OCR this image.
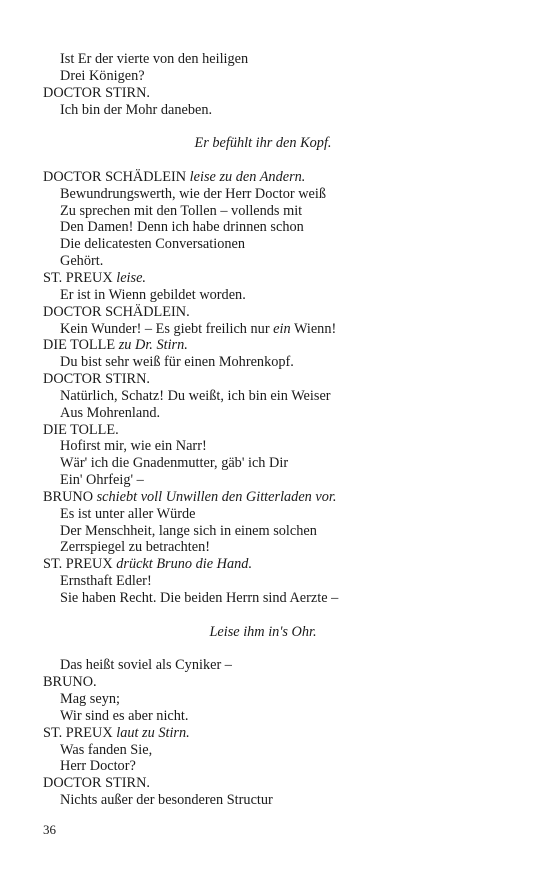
Ist Er der vierte von den heiligen
Drei Königen?
DOCTOR STIRN.
Ich bin der Mohr daneben.
Er befühlt ihr den Kopf.
DOCTOR SCHÄDLEIN leise zu den Andern.
Bewundrungswerth, wie der Herr Doctor weiß
Zu sprechen mit den Tollen – vollends mit
Den Damen! Denn ich habe drinnen schon
Die delicatesten Conversationen
Gehört.
ST. PREUX leise.
Er ist in Wienn gebildet worden.
DOCTOR SCHÄDLEIN.
Kein Wunder! – Es giebt freilich nur ein Wienn!
DIE TOLLE zu Dr. Stirn.
Du bist sehr weiß für einen Mohrenkopf.
DOCTOR STIRN.
Natürlich, Schatz! Du weißt, ich bin ein Weiser
Aus Mohrenland.
DIE TOLLE.
Hofirst mir, wie ein Narr!
Wär' ich die Gnadenmutter, gäb' ich Dir
Ein' Ohrfeig' –
BRUNO schiebt voll Unwillen den Gitterladen vor.
Es ist unter aller Würde
Der Menschheit, lange sich in einem solchen
Zerrspiegel zu betrachten!
ST. PREUX drückt Bruno die Hand.
Ernsthaft Edler!
Sie haben Recht. Die beiden Herrn sind Aerzte –
Leise ihm in's Ohr.
Das heißt soviel als Cyniker –
BRUNO.
Mag seyn;
Wir sind es aber nicht.
ST. PREUX laut zu Stirn.
Was fanden Sie,
Herr Doctor?
DOCTOR STIRN.
Nichts außer der besonderen Structur
36
